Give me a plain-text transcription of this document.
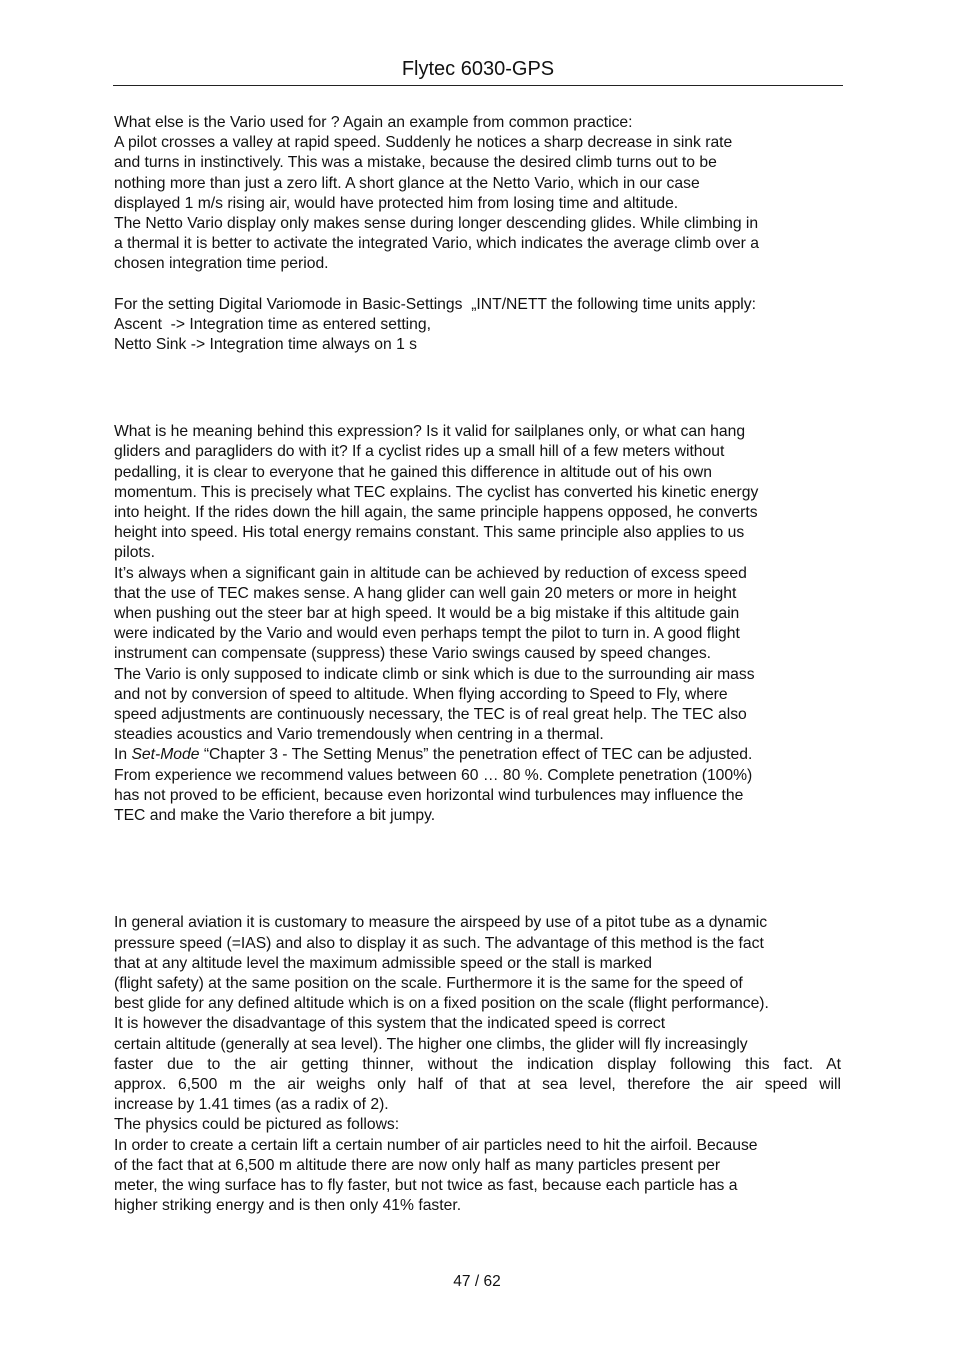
Flytec 6030-GPS

What else is the Vario used for ? Again an example from common practice:

A pilot crosses a valley at rapid speed. Suddenly he notices a sharp decrease in sink rate

and turns in instinctively. This was a mistake, because the desired climb turns out to be

nothing more than just a zero lift. A short glance at the Netto Vario, which in our case

displayed 1 m/s rising air, would have protected him from losing time and altitude.

The Netto Vario display only makes sense during longer descending glides. While climbing in

a thermal it is better to activate the integrated Vario, which indicates the average climb over a

chosen integration time period.

For the setting Digital Variomode in Basic-Settings  „INT/NETT the following time units apply:

Ascent  -> Integration time as entered setting,

Netto Sink -> Integration time always on 1 s

What is he meaning behind this expression? Is it valid for sailplanes only, or what can hang

gliders and paragliders do with it? If a cyclist rides up a small hill of a few meters without

pedalling, it is clear to everyone that he gained this difference in altitude out of his own

momentum. This is precisely what TEC explains. The cyclist has converted his kinetic energy

into height. If the rides down the hill again, the same principle happens opposed, he converts

height into speed. His total energy remains constant. This same principle also applies to us

pilots.

It’s always when a significant gain in altitude can be achieved by reduction of excess speed

that the use of TEC makes sense. A hang glider can well gain 20 meters or more in height

when pushing out the steer bar at high speed. It would be a big mistake if this altitude gain

were indicated by the Vario and would even perhaps tempt the pilot to turn in. A good flight

instrument can compensate (suppress) these Vario swings caused by speed changes.

The Vario is only supposed to indicate climb or sink which is due to the surrounding air mass

and not by conversion of speed to altitude. When flying according to Speed to Fly, where

speed adjustments are continuously necessary, the TEC is of real great help. The TEC also

steadies acoustics and Vario tremendously when centring in a thermal.

In Set-Mode “Chapter 3 - The Setting Menus” the penetration effect of TEC can be adjusted.

From experience we recommend values between 60 … 80 %. Complete penetration (100%)

has not proved to be efficient, because even horizontal wind turbulences may influence the

TEC and make the Vario therefore a bit jumpy.

In general aviation it is customary to measure the airspeed by use of a pitot tube as a dynamic

pressure speed (=IAS) and also to display it as such. The advantage of this method is the fact

that at any altitude level the maximum admissible speed or the stall is marked

(flight safety) at the same position on the scale. Furthermore it is the same for the speed of

best glide for any defined altitude which is on a fixed position on the scale (flight performance).

It is however the disadvantage of this system that the indicated speed is correct

certain altitude (generally at sea level). The higher one climbs, the glider will fly increasingly

faster due to the air getting thinner, without the indication display following this fact. At

approx. 6,500 m the air weighs only half of that at sea level, therefore the air speed will

increase by 1.41 times (as a radix of 2).

The physics could be pictured as follows:

In order to create a certain lift a certain number of air particles need to hit the airfoil. Because

of the fact that at 6,500 m altitude there are now only half as many particles present per

meter, the wing surface has to fly faster, but not twice as fast, because each particle has a

higher striking energy and is then only 41% faster.

47 / 62
